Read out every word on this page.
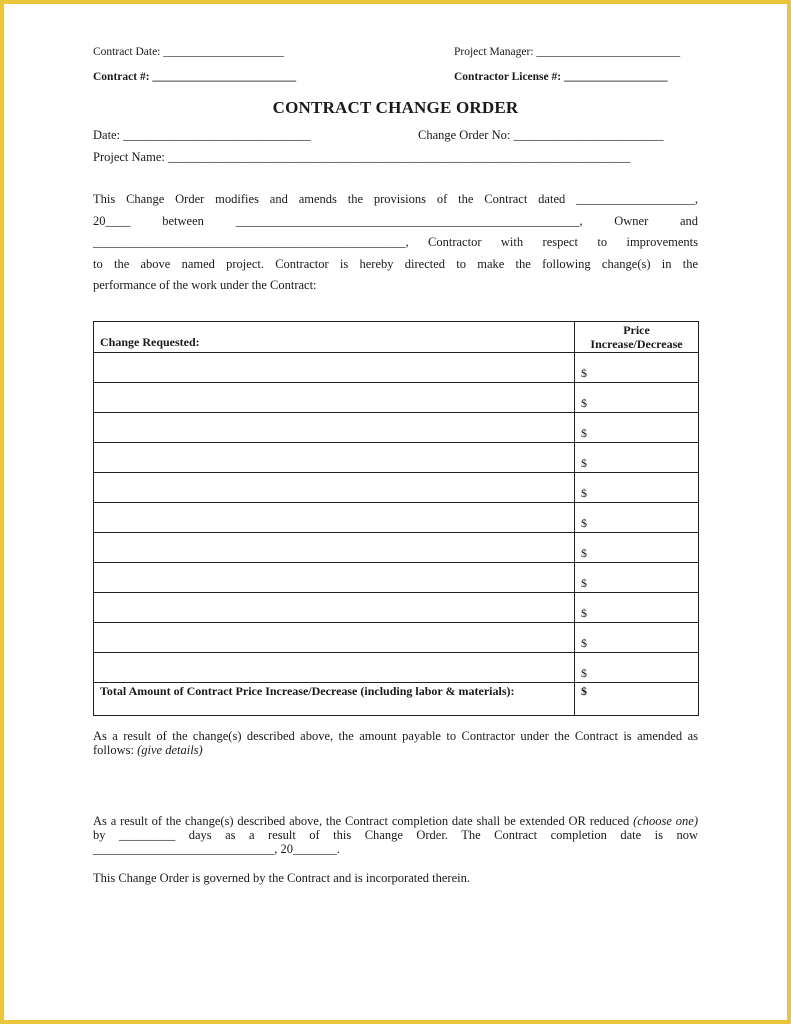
Contract Date: _____________________	Project Manager: _________________________
Contract #: _________________________	Contractor License #: __________________
CONTRACT CHANGE ORDER
Date: ______________________________	Change Order No: ________________________
Project Name: __________________________________________________________________________
This Change Order modifies and amends the provisions of the Contract dated ___________________,
20____	between	_______________________________________________________,	Owner	and
__________________________________________________, Contractor with respect to improvements
to the above named project. Contractor is hereby directed to make the following change(s) in the
performance of the work under the Contract:
Change Requested:	Price
Increase/Decrease
	$
	$
	$
	$
	$
	$
	$
	$
	$
	$
	$
Total Amount of Contract Price Increase/Decrease (including labor & materials):	$
As a result of the change(s) described above, the amount payable to Contractor under the Contract is amended as follows: (give details)
As a result of the change(s) described above, the Contract completion date shall be extended OR reduced (choose one) by _________ days as a result of this Change Order. The Contract completion date is now _____________________________, 20_______.
This Change Order is governed by the Contract and is incorporated therein.
